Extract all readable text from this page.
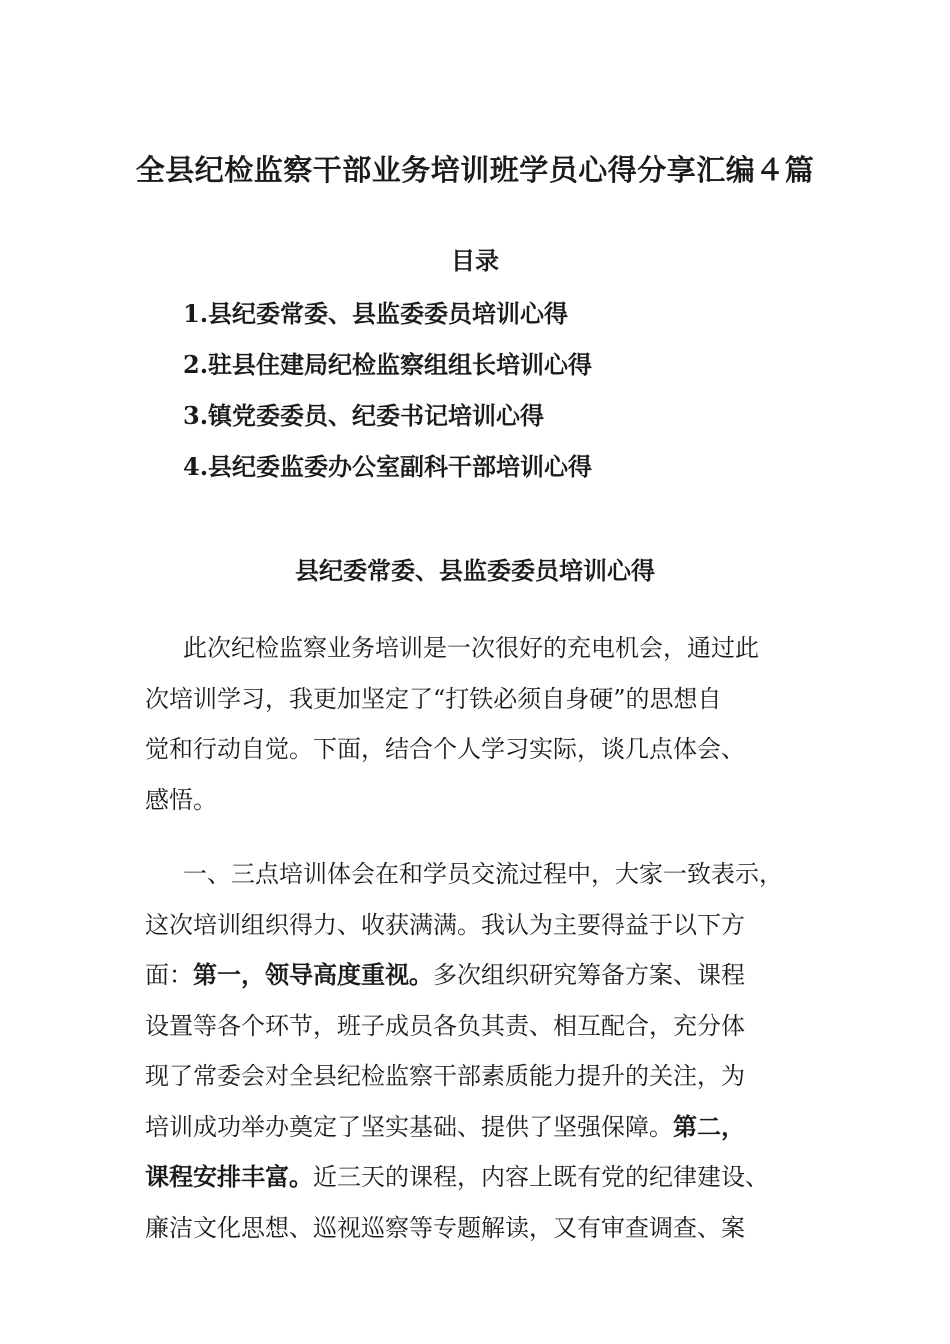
全县纪检监察干部业务培训班学员心得分享汇编４篇
目录
1.县纪委常委、县监委委员培训心得
2.驻县住建局纪检监察组组长培训心得
3.镇党委委员、纪委书记培训心得
4.县纪委监委办公室副科干部培训心得
县纪委常委、县监委委员培训心得

此次纪检监察业务培训是一次很好的充电机会，通过此
次培训学习，我更加坚定了“打铁必须自身硬”的思想自
觉和行动自觉。下面，结合个人学习实际，谈几点体会、
感悟。

一、三点培训体会在和学员交流过程中，大家一致表示，
这次培训组织得力、收获满满。我认为主要得益于以下方
面：第一，领导高度重视。多次组织研究筹备方案、课程
设置等各个环节，班子成员各负其责、相互配合，充分体
现了常委会对全县纪检监察干部素质能力提升的关注，为
培训成功举办奠定了坚实基础、提供了坚强保障。第二，
课程安排丰富。近三天的课程，内容上既有党的纪律建设、
廉洁文化思想、巡视巡察等专题解读，又有审查调查、案
